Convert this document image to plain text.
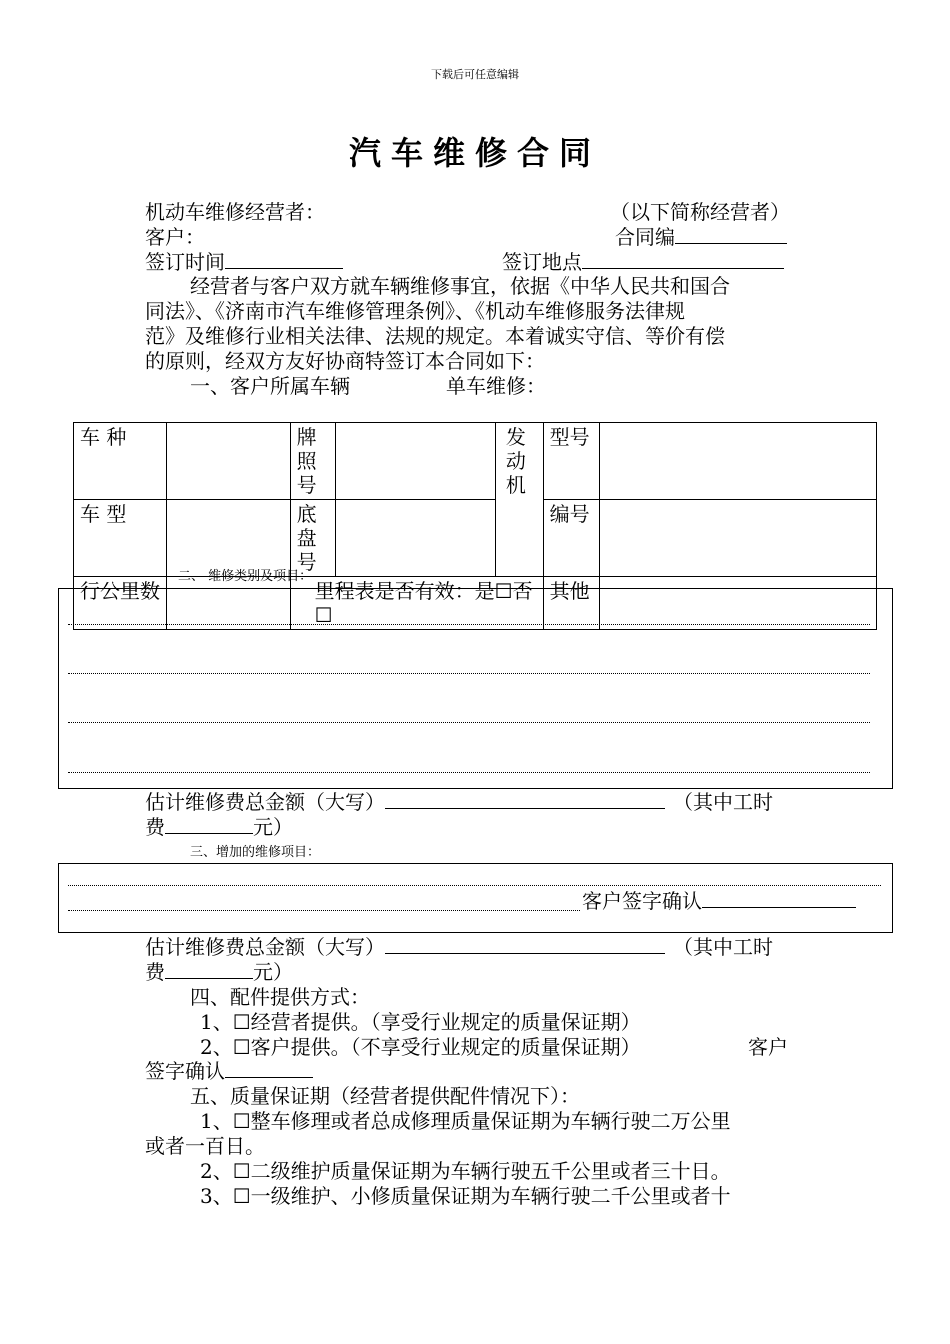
下载后可任意编辑
汽车维修合同
机动车维修经营者：	（以下简称经营者）
客户：	合同编
签订时间	签订地点
经营者与客户双方就车辆维修事宜，依据《中华人民共和国合
同法》、《济南市汽车维修管理条例》、《机动车维修服务法律规
范》及维修行业相关法律、法规的规定。本着诚实守信、等价有偿
的原则，经双方友好协商特签订本合同如下：
一、客户所属车辆	单车维修：
车 种		牌照号		发动机	型号	
车 型		底盘号			编号	
行公里数		里程表是否有效：是☐否☐			其他	
二、 维修类别及项目：
估计维修费总金额（大写）	（其中工时
费	元）
三、增加的维修项目：
客户签字确认
估计维修费总金额（大写）	（其中工时
费	元）
四、配件提供方式：
1、☐经营者提供。（享受行业规定的质量保证期）
2、☐客户提供。（不享受行业规定的质量保证期）	客户
签字确认
五、质量保证期（经营者提供配件情况下）：
1、☐整车修理或者总成修理质量保证期为车辆行驶二万公里
或者一百日。
2、☐二级维护质量保证期为车辆行驶五千公里或者三十日。
3、☐一级维护、小修质量保证期为车辆行驶二千公里或者十
